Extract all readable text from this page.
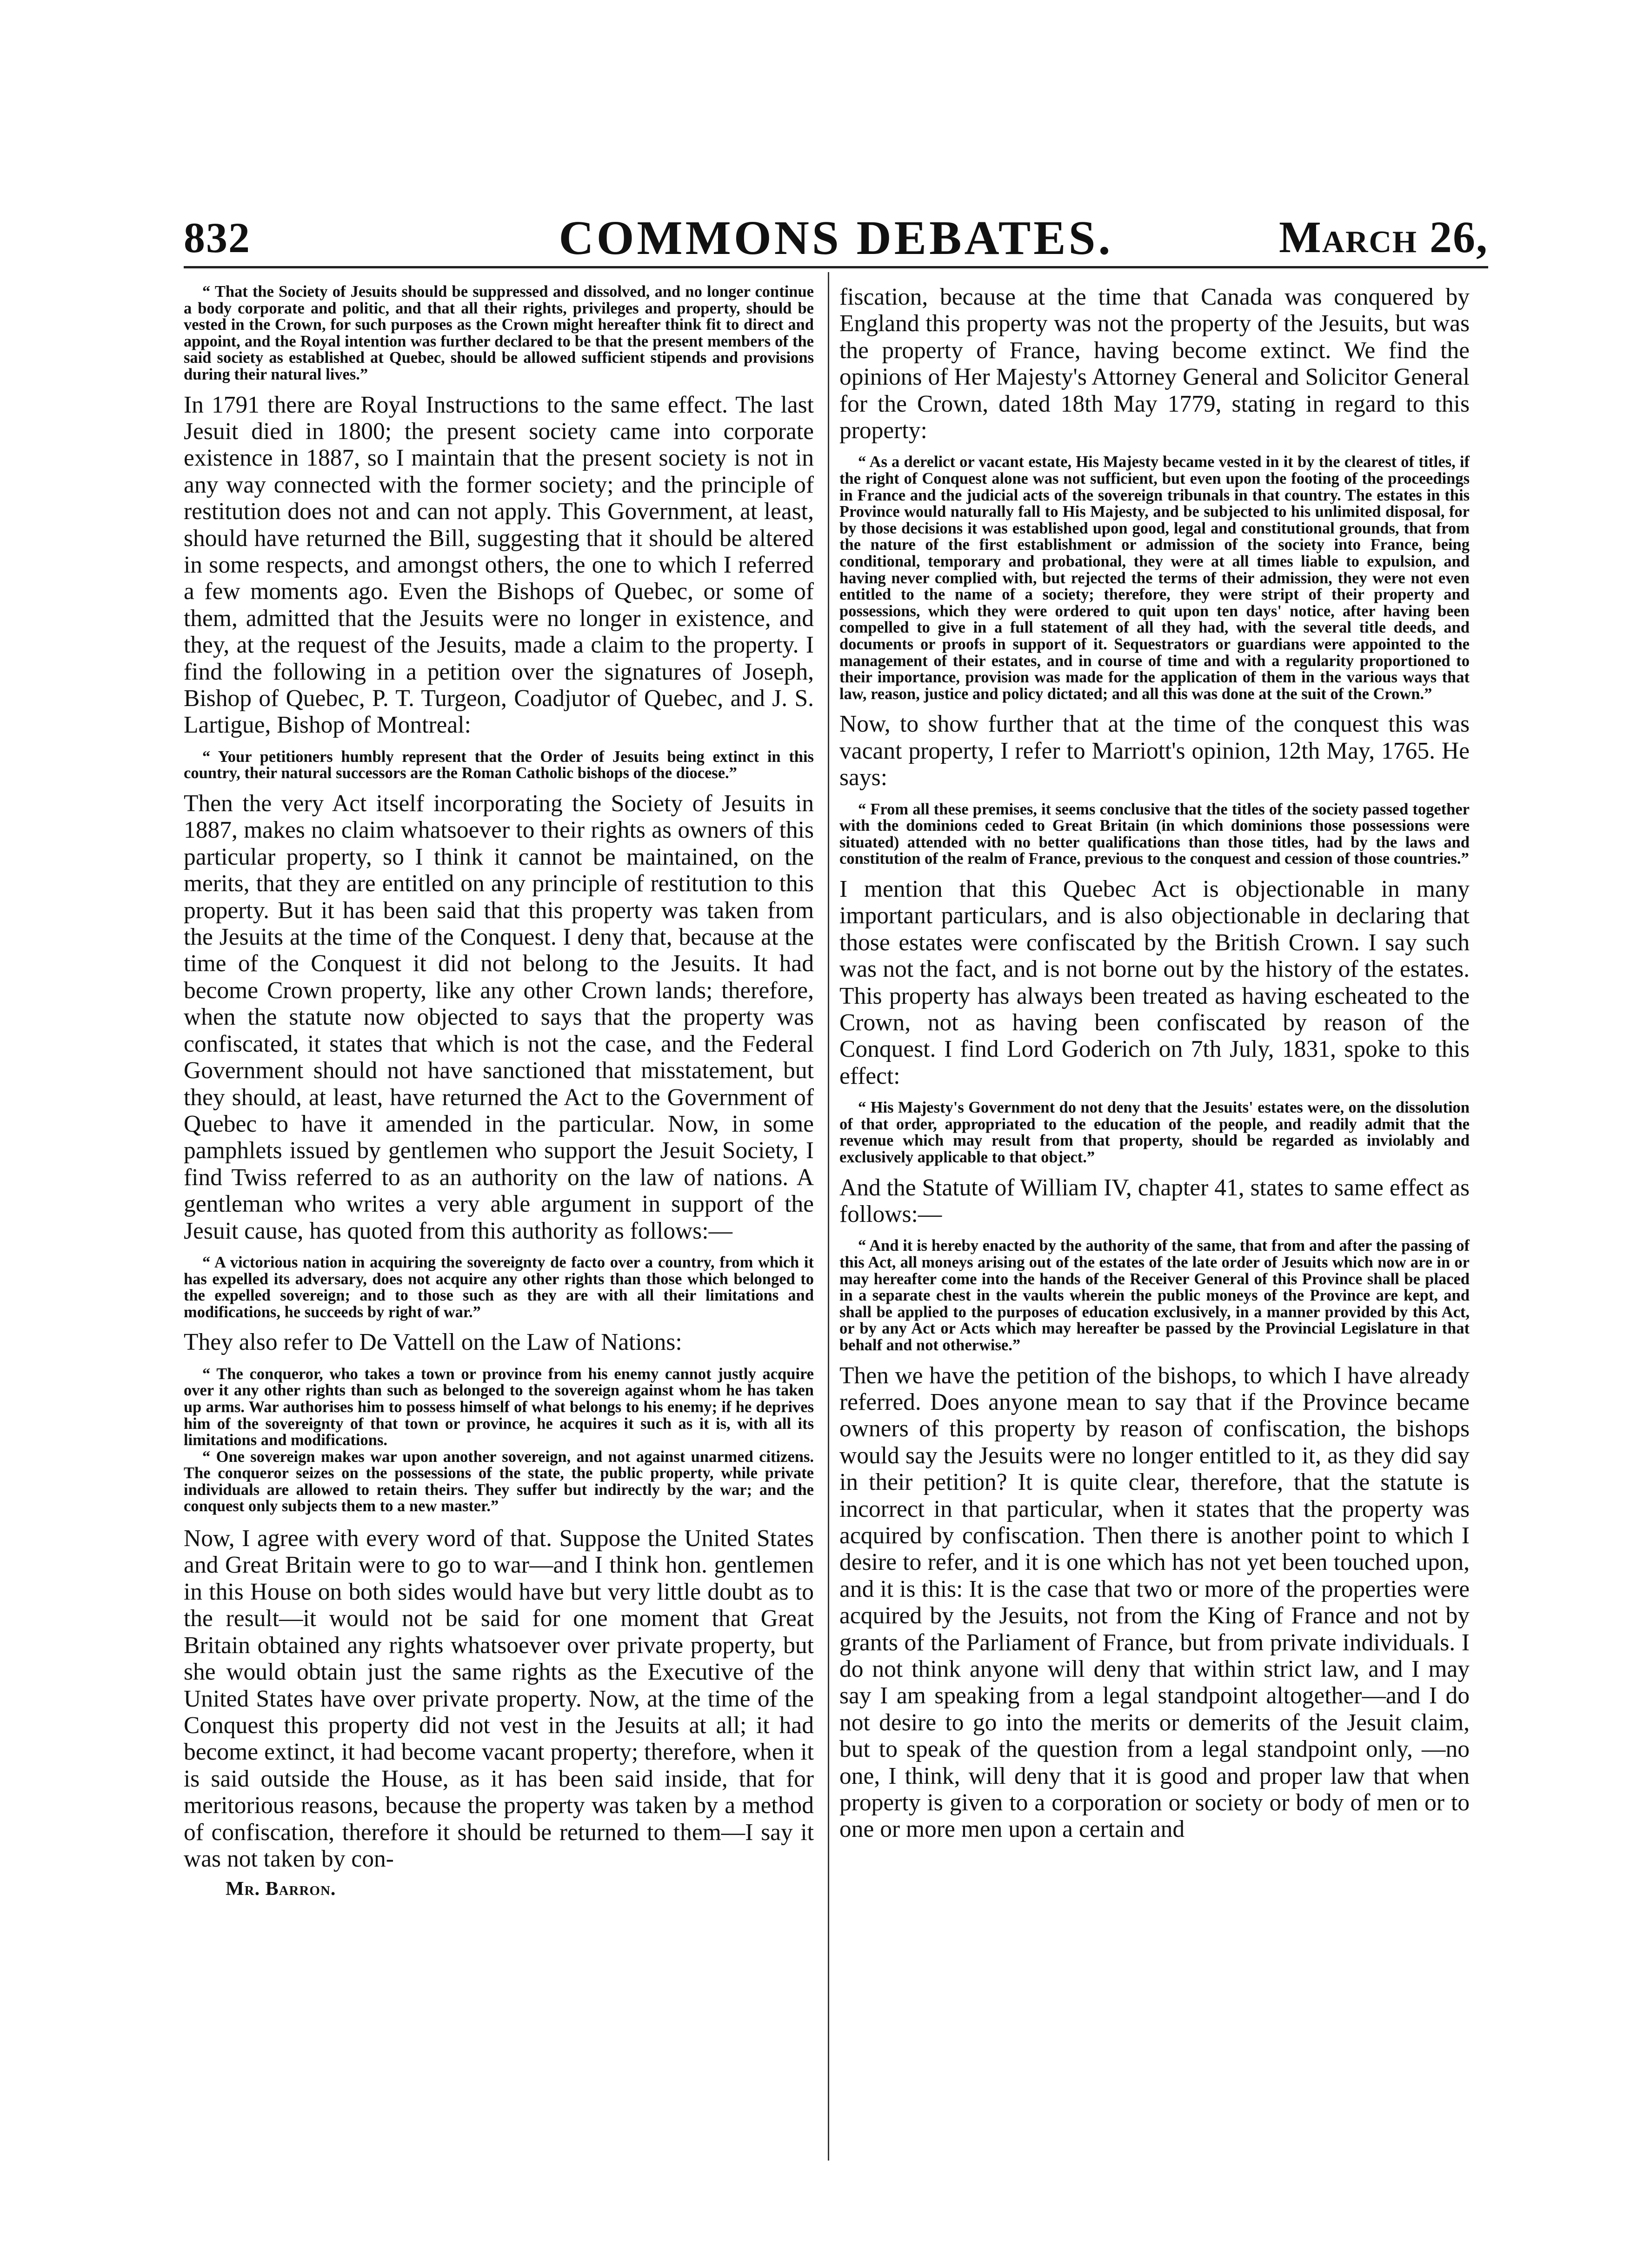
832	COMMONS DEBATES.	March 26,

“ That the Society of Jesuits should be suppressed and dissolved, and no longer continue a body corporate and politic, and that all their rights, privileges and property, should be vested in the Crown, for such purposes as the Crown might hereafter think fit to direct and appoint, and the Royal intention was further declared to be that the present members of the said society as established at Quebec, should be allowed sufficient stipends and provisions during their natural lives.”

In 1791 there are Royal Instructions to the same effect. The last Jesuit died in 1800; the present society came into corporate existence in 1887, so I maintain that the present society is not in any way connected with the former society; and the principle of restitution does not and can not apply. This Government, at least, should have returned the Bill, suggesting that it should be altered in some respects, and amongst others, the one to which I referred a few moments ago. Even the Bishops of Quebec, or some of them, admitted that the Jesuits were no longer in existence, and they, at the request of the Jesuits, made a claim to the property. I find the following in a petition over the signatures of Joseph, Bishop of Quebec, P. T. Turgeon, Coadjutor of Quebec, and J. S. Lartigue, Bishop of Montreal:

“ Your petitioners humbly represent that the Order of Jesuits being extinct in this country, their natural successors are the Roman Catholic bishops of the diocese.”

Then the very Act itself incorporating the Society of Jesuits in 1887, makes no claim whatsoever to their rights as owners of this particular property, so I think it cannot be maintained, on the merits, that they are entitled on any principle of restitution to this property. But it has been said that this property was taken from the Jesuits at the time of the Conquest. I deny that, because at the time of the Conquest it did not belong to the Jesuits. It had become Crown property, like any other Crown lands; therefore, when the statute now objected to says that the property was confiscated, it states that which is not the case, and the Federal Government should not have sanctioned that misstatement, but they should, at least, have returned the Act to the Government of Quebec to have it amended in the particular. Now, in some pamphlets issued by gentlemen who support the Jesuit Society, I find Twiss referred to as an authority on the law of nations. A gentleman who writes a very able argument in support of the Jesuit cause, has quoted from this authority as follows:—

“ A victorious nation in acquiring the sovereignty de facto over a country, from which it has expelled its adversary, does not acquire any other rights than those which belonged to the expelled sovereign; and to those such as they are with all their limitations and modifications, he succeeds by right of war.”

They also refer to De Vattell on the Law of Nations:

“ The conqueror, who takes a town or province from his enemy cannot justly acquire over it any other rights than such as belonged to the sovereign against whom he has taken up arms. War authorises him to possess himself of what belongs to his enemy; if he deprives him of the sovereignty of that town or province, he acquires it such as it is, with all its limitations and modifications.

“ One sovereign makes war upon another sovereign, and not against unarmed citizens. The conqueror seizes on the possessions of the state, the public property, while private individuals are allowed to retain theirs. They suffer but indirectly by the war; and the conquest only subjects them to a new master.”

Now, I agree with every word of that. Suppose the United States and Great Britain were to go to war—and I think hon. gentlemen in this House on both sides would have but very little doubt as to the result—it would not be said for one moment that Great Britain obtained any rights whatsoever over private property, but she would obtain just the same rights as the Executive of the United States have over private property. Now, at the time of the Conquest this property did not vest in the Jesuits at all; it had become extinct, it had become vacant property; therefore, when it is said outside the House, as it has been said inside, that for meritorious reasons, because the property was taken by a method of confiscation, therefore it should be returned to them—I say it was not taken by con-

Mr. Barron.

fiscation, because at the time that Canada was conquered by England this property was not the property of the Jesuits, but was the property of France, having become extinct. We find the opinions of Her Majesty's Attorney General and Solicitor General for the Crown, dated 18th May 1779, stating in regard to this property:

“ As a derelict or vacant estate, His Majesty became vested in it by the clearest of titles, if the right of Conquest alone was not sufficient, but even upon the footing of the proceedings in France and the judicial acts of the sovereign tribunals in that country. The estates in this Province would naturally fall to His Majesty, and be subjected to his unlimited disposal, for by those decisions it was established upon good, legal and constitutional grounds, that from the nature of the first establishment or admission of the society into France, being conditional, temporary and probational, they were at all times liable to expulsion, and having never complied with, but rejected the terms of their admission, they were not even entitled to the name of a society; therefore, they were stript of their property and possessions, which they were ordered to quit upon ten days' notice, after having been compelled to give in a full statement of all they had, with the several title deeds, and documents or proofs in support of it. Sequestrators or guardians were appointed to the management of their estates, and in course of time and with a regularity proportioned to their importance, provision was made for the application of them in the various ways that law, reason, justice and policy dictated; and all this was done at the suit of the Crown.”

Now, to show further that at the time of the conquest this was vacant property, I refer to Marriott's opinion, 12th May, 1765. He says:

“ From all these premises, it seems conclusive that the titles of the society passed together with the dominions ceded to Great Britain (in which dominions those possessions were situated) attended with no better qualifications than those titles, had by the laws and constitution of the realm of France, previous to the conquest and cession of those countries.”

I mention that this Quebec Act is objectionable in many important particulars, and is also objectionable in declaring that those estates were confiscated by the British Crown. I say such was not the fact, and is not borne out by the history of the estates. This property has always been treated as having escheated to the Crown, not as having been confiscated by reason of the Conquest. I find Lord Goderich on 7th July, 1831, spoke to this effect:

“ His Majesty's Government do not deny that the Jesuits' estates were, on the dissolution of that order, appropriated to the education of the people, and readily admit that the revenue which may result from that property, should be regarded as inviolably and exclusively applicable to that object.”

And the Statute of William IV, chapter 41, states to same effect as follows:—

“ And it is hereby enacted by the authority of the same, that from and after the passing of this Act, all moneys arising out of the estates of the late order of Jesuits which now are in or may hereafter come into the hands of the Receiver General of this Province shall be placed in a separate chest in the vaults wherein the public moneys of the Province are kept, and shall be applied to the purposes of education exclusively, in a manner provided by this Act, or by any Act or Acts which may hereafter be passed by the Provincial Legislature in that behalf and not otherwise.”

Then we have the petition of the bishops, to which I have already referred. Does anyone mean to say that if the Province became owners of this property by reason of confiscation, the bishops would say the Jesuits were no longer entitled to it, as they did say in their petition? It is quite clear, therefore, that the statute is incorrect in that particular, when it states that the property was acquired by confiscation. Then there is another point to which I desire to refer, and it is one which has not yet been touched upon, and it is this: It is the case that two or more of the properties were acquired by the Jesuits, not from the King of France and not by grants of the Parliament of France, but from private individuals. I do not think anyone will deny that within strict law, and I may say I am speaking from a legal standpoint altogether—and I do not desire to go into the merits or demerits of the Jesuit claim, but to speak of the question from a legal standpoint only, —no one, I think, will deny that it is good and proper law that when property is given to a corporation or society or body of men or to one or more men upon a certain and
